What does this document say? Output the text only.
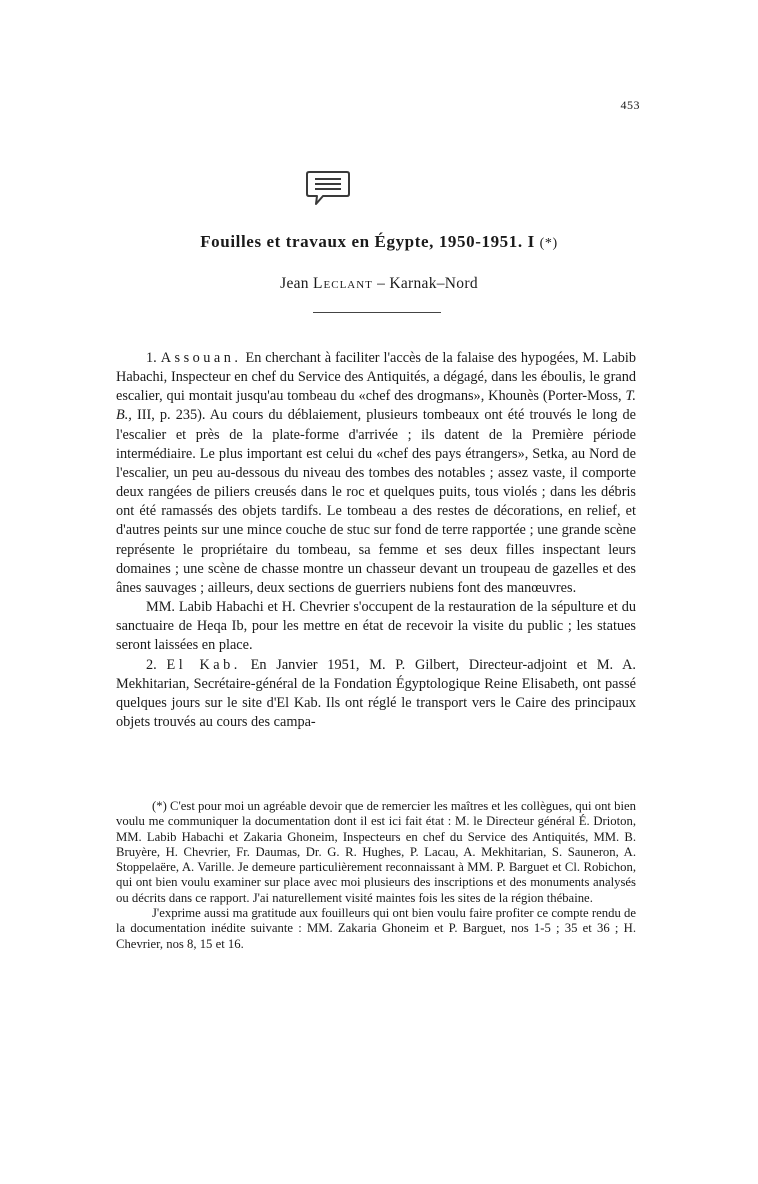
453
Fouilles et travaux en Égypte, 1950-1951. I (*)
Jean Leclant – Karnak–Nord

1. Assouan. En cherchant à faciliter l'accès de la falaise des hypogées, M. Labib Habachi, Inspecteur en chef du Service des Antiquités, a dégagé, dans les éboulis, le grand escalier, qui montait jusqu'au tombeau du «chef des drogmans», Khounès (Porter-Moss, T. B., III, p. 235). Au cours du déblaiement, plusieurs tombeaux ont été trouvés le long de l'escalier et près de la plate-forme d'arrivée ; ils datent de la Première période intermédiaire. Le plus important est celui du «chef des pays étrangers», Setka, au Nord de l'escalier, un peu au-dessous du niveau des tombes des notables ; assez vaste, il comporte deux rangées de piliers creusés dans le roc et quelques puits, tous violés ; dans les débris ont été ramassés des objets tardifs. Le tombeau a des restes de décorations, en relief, et d'autres peints sur une mince couche de stuc sur fond de terre rapportée ; une grande scène représente le propriétaire du tombeau, sa femme et ses deux filles inspectant leurs domaines ; une scène de chasse montre un chasseur devant un troupeau de gazelles et des ânes sauvages ; ailleurs, deux sections de guerriers nubiens font des manœuvres.

MM. Labib Habachi et H. Chevrier s'occupent de la restauration de la sépulture et du sanctuaire de Heqa Ib, pour les mettre en état de recevoir la visite du public ; les statues seront laissées en place.

2. El Kab. En Janvier 1951, M. P. Gilbert, Directeur-adjoint et M. A. Mekhitarian, Secrétaire-général de la Fondation Égyptologique Reine Elisabeth, ont passé quelques jours sur le site d'El Kab. Ils ont réglé le transport vers le Caire des principaux objets trouvés au cours des campa-

(*) C'est pour moi un agréable devoir que de remercier les maîtres et les collègues, qui ont bien voulu me communiquer la documentation dont il est ici fait état : M. le Directeur général É. Drioton, MM. Labib Habachi et Zakaria Ghoneim, Inspecteurs en chef du Service des Antiquités, MM. B. Bruyère, H. Chevrier, Fr. Daumas, Dr. G. R. Hughes, P. Lacau, A. Mekhitarian, S. Sauneron, A. Stoppelaëre, A. Varille. Je demeure particulièrement reconnaissant à MM. P. Barguet et Cl. Robichon, qui ont bien voulu examiner sur place avec moi plusieurs des inscriptions et des monuments analysés ou décrits dans ce rapport. J'ai naturellement visité maintes fois les sites de la région thébaine.

J'exprime aussi ma gratitude aux fouilleurs qui ont bien voulu faire profiter ce compte rendu de la documentation inédite suivante : MM. Zakaria Ghoneim et P. Barguet, nos 1-5 ; 35 et 36 ; H. Chevrier, nos 8, 15 et 16.
